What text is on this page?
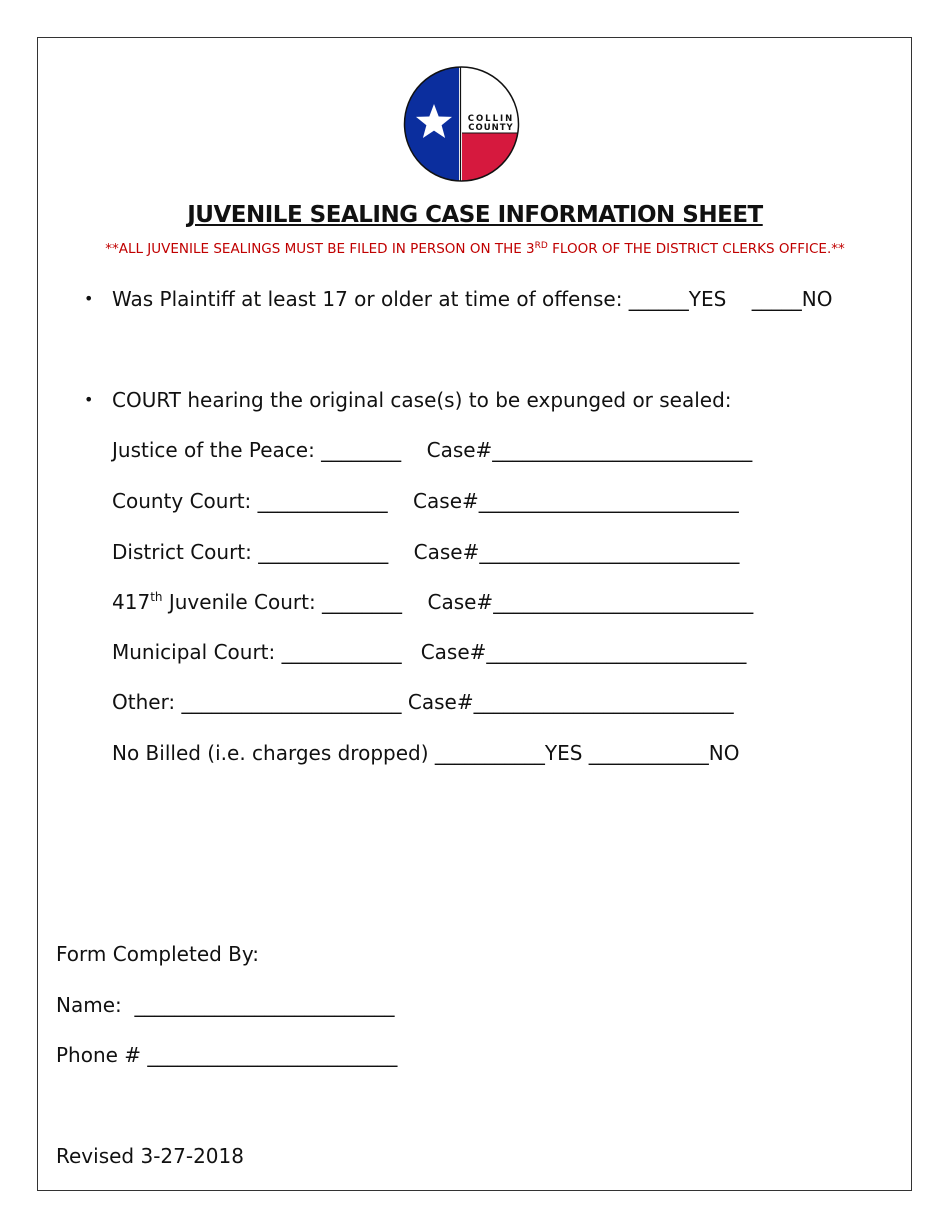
COLLIN
COUNTY
JUVENILE SEALING CASE INFORMATION SHEET
**ALL JUVENILE SEALINGS MUST BE FILED IN PERSON ON THE 3RD FLOOR OF THE DISTRICT CLERKS OFFICE.**
• Was Plaintiff at least 17 or older at time of offense: ______YES    _____NO
• COURT hearing the original case(s) to be expunged or sealed:
Justice of the Peace: ________    Case#__________________________
County Court: _____________    Case#__________________________
District Court: _____________    Case#__________________________
417th Juvenile Court: ________    Case#__________________________
Municipal Court: ____________   Case#__________________________
Other: ______________________ Case#__________________________
No Billed (i.e. charges dropped) ___________YES ____________NO
Form Completed By:
Name:  __________________________
Phone # _________________________
Revised 3-27-2018
